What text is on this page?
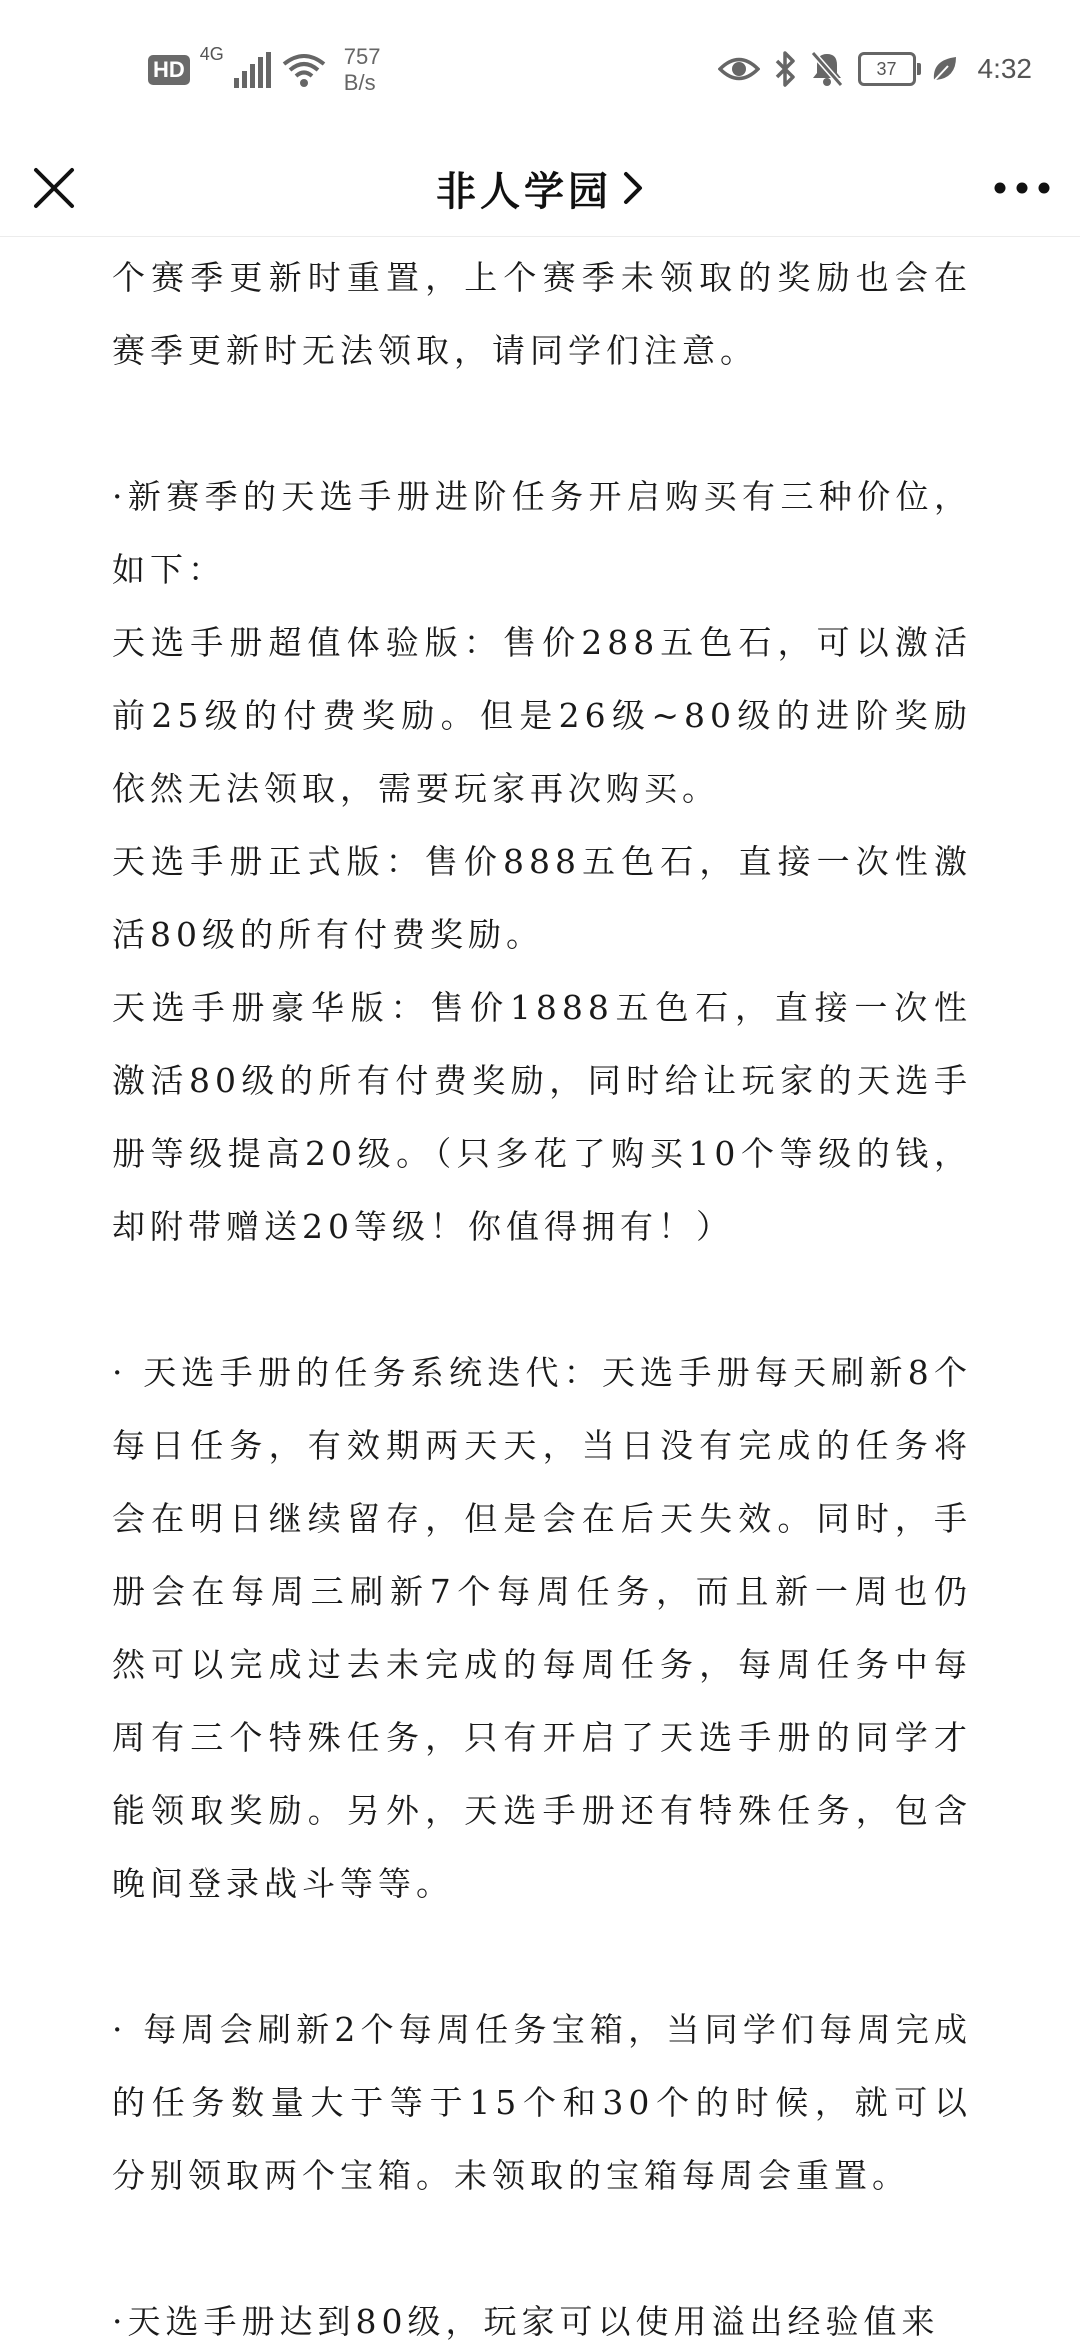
HD
4G	757
B/s
37	4:32
非人学园

个赛季更新时重置，上个赛季未领取的奖励也会在赛季更新时无法领取，请同学们注意。

·新赛季的天选手册进阶任务开启购买有三种价位，如下：

天选手册超值体验版：售价288五色石，可以激活前25级的付费奖励。但是26级~80级的进阶奖励依然无法领取，需要玩家再次购买。

天选手册正式版：售价888五色石，直接一次性激活80级的所有付费奖励。

天选手册豪华版：售价1888五色石，直接一次性激活80级的所有付费奖励，同时给让玩家的天选手册等级提高20级。（只多花了购买10个等级的钱，却附带赠送20等级！你值得拥有！）

· 天选手册的任务系统迭代：天选手册每天刷新8个每日任务，有效期两天天，当日没有完成的任务将会在明日继续留存，但是会在后天失效。同时，手册会在每周三刷新7个每周任务，而且新一周也仍然可以完成过去未完成的每周任务，每周任务中每周有三个特殊任务，只有开启了天选手册的同学才能领取奖励。另外，天选手册还有特殊任务，包含晚间登录战斗等等。

· 每周会刷新2个每周任务宝箱，当同学们每周完成的任务数量大于等于15个和30个的时候，就可以分别领取两个宝箱。未领取的宝箱每周会重置。

·天选手册达到80级，玩家可以使用溢出经验值来
